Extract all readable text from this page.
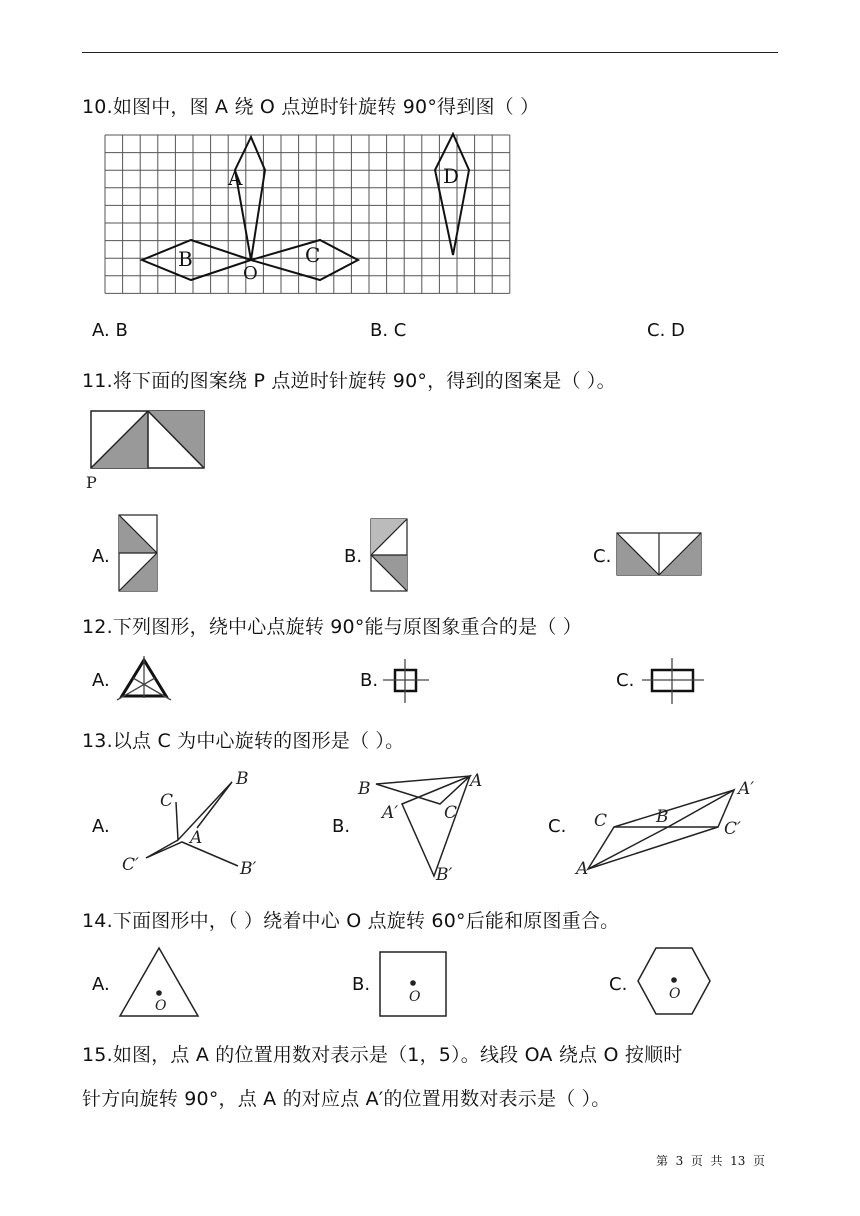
10.如图中，图 A 绕 O 点逆时针旋转 90°得到图（ ）
A
B	C
D
O
A. B	B. C	C. D
11.将下面的图案绕 P 点逆时针旋转 90°，得到的图案是（ ）。
P
A.	B.	C.
12.下列图形，绕中心点旋转 90°能与原图象重合的是（ ）
A.	B.	C.
13.以点 C 为中心旋转的图形是（ ）。
A.
C
B
A
C′	B′
B.
B	A
A′	C
B′
C. C	B
A′
C′
A
14.下面图形中，（ ）绕着中心 O 点旋转 60°后能和原图重合。
A.
O
B.
O
C.	O
15.如图，点 A 的位置用数对表示是（1，5）。线段 OA 绕点 O 按顺时
针方向旋转 90°，点 A 的对应点 A′的位置用数对表示是（ ）。
第  3  页  共  13  页
